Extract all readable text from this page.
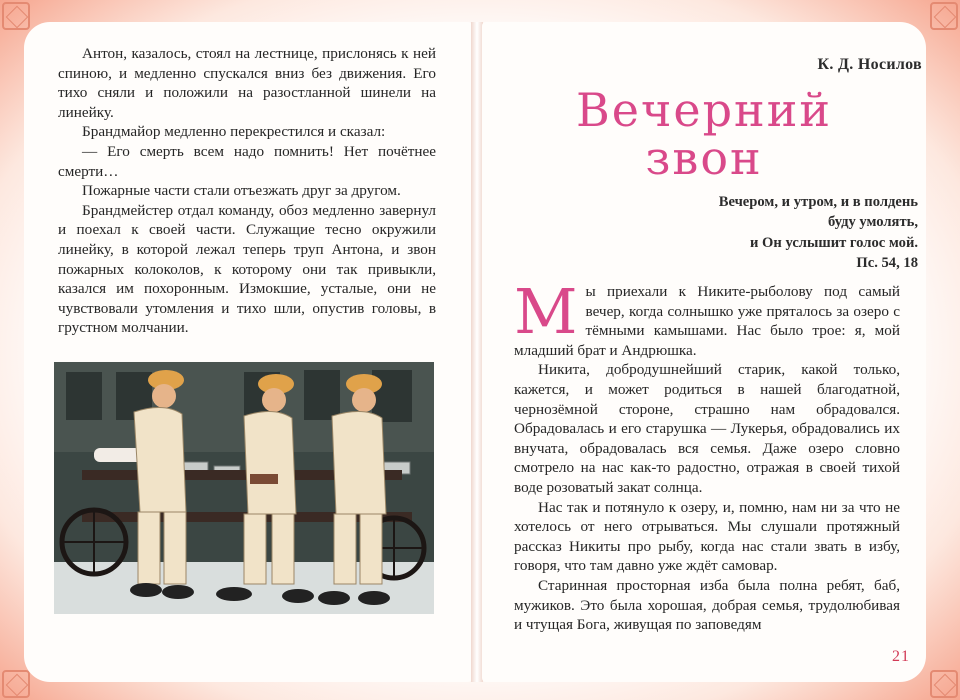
Антон, казалось, стоял на лестнице, прислонясь к ней спиною, и медленно спускался вниз без движения. Его тихо сняли и положили на разостланной шинели на линейку.

Брандмайор медленно перекрестился и сказал:

— Его смерть всем надо помнить! Нет почётнее смерти…

Пожарные части стали отъезжать друг за другом.

Брандмейстер отдал команду, обоз медленно завернул и поехал к своей части. Служащие тесно окружили линейку, в которой лежал теперь труп Антона, и звон пожарных колоколов, к которому они так привыкли, казался им похоронным. Измокшие, усталые, они не чувствовали утомления и тихо шли, опустив головы, в грустном молчании.

К. Д. Носилов
Вечерний
звон
Вечером, и утром, и в полдень
буду умолять,
и Он услышит голос мой.
Пс. 54, 18
М ы приехали к Никите-рыболову под самый вечер, когда солнышко уже пряталось за озеро с тёмными камышами. Нас было трое: я, мой младший брат и Андрюшка.

Никита, добродушнейший старик, какой только, кажется, и может родиться в нашей благодатной, чернозёмной стороне, страшно нам обрадовался. Обрадовалась и его старушка — Лукерья, обрадовались их внучата, обрадовалась вся семья. Даже озеро словно смотрело на нас как-то радостно, отражая в своей тихой воде розоватый закат солнца.

Нас так и потянуло к озеру, и, помню, нам ни за что не хотелось от него отрываться. Мы слушали протяжный рассказ Никиты про рыбу, когда нас стали звать в избу, говоря, что там давно уже ждёт самовар.

Старинная просторная изба была полна ребят, баб, мужиков. Это была хорошая, добрая семья, трудолюбивая и чтущая Бога, живущая по заповедям

21
